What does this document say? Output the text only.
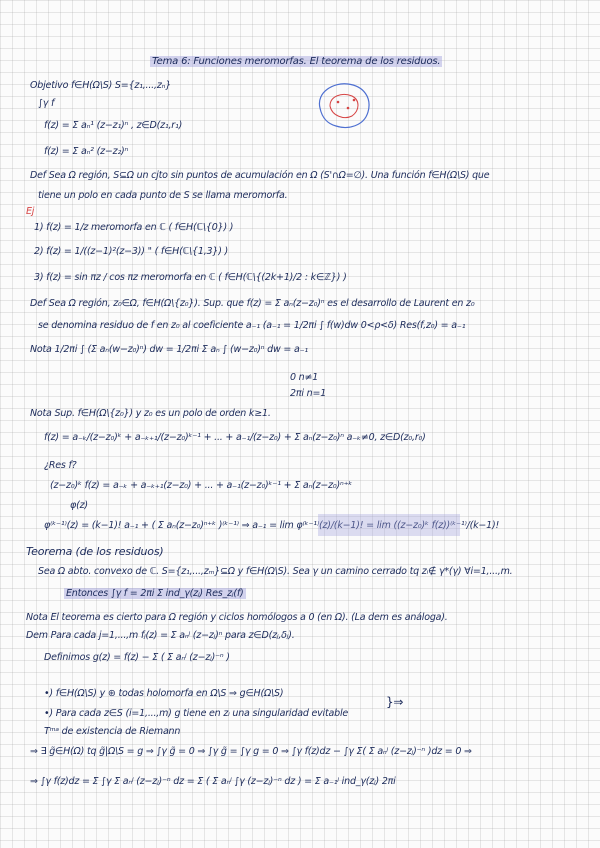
Tema 6: Funciones meromorfas. El teorema de los residuos.
Objetivo f∈H(Ω\S) S={z₁,...,zₙ}
∫γ f
f(z) = Σ aₙ¹ (z−z₁)ⁿ , z∈D(z₁,r₁)
f(z) = Σ aₙ² (z−z₂)ⁿ
Def Sea Ω región, S⊆Ω un cjto sin puntos de acumulación en Ω (S'∩Ω=∅). Una función f∈H(Ω\S) que
tiene un polo en cada punto de S se llama meromorfa.
Ej
1) f(z) = 1/z meromorfa en ℂ ( f∈H(ℂ\{0}) )
2) f(z) = 1/((z−1)²(z−3)) " ( f∈H(ℂ\{1,3}) )
3) f(z) = sin πz / cos πz meromorfa en ℂ ( f∈H(ℂ\{(2k+1)/2 : k∈ℤ}) )
Def Sea Ω región, z₀∈Ω, f∈H(Ω\{z₀}). Sup. que f(z) = Σ aₙ(z−z₀)ⁿ es el desarrollo de Laurent en z₀
se denomina residuo de f en z₀ al coeficiente a₋₁ (a₋₁ = 1/2πi ∫ f(w)dw 0<ρ<δ) Res(f,z₀) = a₋₁
Nota 1/2πi ∫ (Σ aₙ(w−z₀)ⁿ) dw = 1/2πi Σ aₙ ∫ (w−z₀)ⁿ dw = a₋₁
0 n≠1
2πi n=1
Nota Sup. f∈H(Ω\{z₀}) y z₀ es un polo de orden k≥1.
f(z) = a₋ₖ/(z−z₀)ᵏ + a₋ₖ₊₁/(z−z₀)ᵏ⁻¹ + ... + a₋₁/(z−z₀) + Σ aₙ(z−z₀)ⁿ a₋ₖ≠0, z∈D(z₀,r₀)
¿Res f?
(z−z₀)ᵏ f(z) = a₋ₖ + a₋ₖ₊₁(z−z₀) + ... + a₋₁(z−z₀)ᵏ⁻¹ + Σ aₙ(z−z₀)ⁿ⁺ᵏ
φ(z)
φ⁽ᵏ⁻¹⁾(z) = (k−1)! a₋₁ + ( Σ aₙ(z−z₀)ⁿ⁺ᵏ )⁽ᵏ⁻¹⁾ ⇒ a₋₁ = lim φ⁽ᵏ⁻¹⁾(z)/(k−1)! = lim ((z−z₀)ᵏ f(z))⁽ᵏ⁻¹⁾/(k−1)!
Teorema (de los residuos)
Sea Ω abto. convexo de ℂ. S={z₁,...,zₘ}⊆Ω y f∈H(Ω\S). Sea γ un camino cerrado tq zᵢ∉ γ*(γ) ∀i=1,...,m.
Entonces ∫γ f = 2πi Σ ind_γ(zⱼ) Res_zⱼ(f)
Nota El teorema es cierto para Ω región y ciclos homólogos a 0 (en Ω). (La dem es análoga).
Dem Para cada j=1,...,m fⱼ(z) = Σ aₙʲ (z−zⱼ)ⁿ para z∈D(zⱼ,δⱼ).
Definimos g(z) = f(z) − Σ ( Σ aₙʲ (z−zⱼ)⁻ⁿ )
•) f∈H(Ω\S) y ⊛ todas holomorfa en Ω\S ⇒ g∈H(Ω\S)
•) Para cada z∈S (i=1,...,m) g tiene en zᵢ una singularidad evitable
}⇒
Tᵐᵃ de existencia de Riemann
⇒ ∃ g̃∈H(Ω) tq g̃|Ω\S = g ⇒ ∫γ g̃ = 0 ⇒ ∫γ g̃ = ∫γ g = 0 ⇒ ∫γ f(z)dz − ∫γ Σ( Σ aₙʲ (z−zⱼ)⁻ⁿ )dz = 0 ⇒
⇒ ∫γ f(z)dz = Σ ∫γ Σ aₙʲ (z−zⱼ)⁻ⁿ dz = Σ ( Σ aₙʲ ∫γ (z−zⱼ)⁻ⁿ dz ) = Σ a₋₁ʲ ind_γ(zⱼ) 2πi
